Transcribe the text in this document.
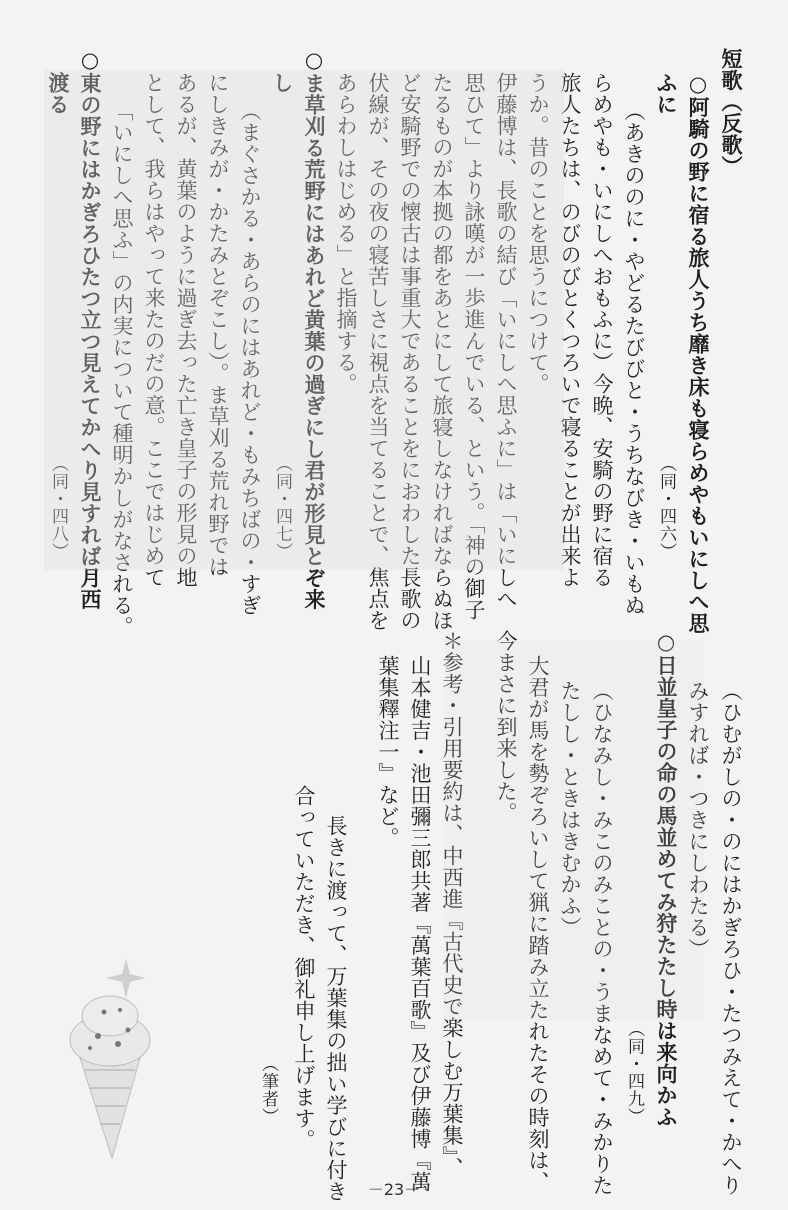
短歌（反歌）
○阿騎の野に宿る旅人うち靡き床も寝らめやもいにしへ思
ふに
（同・四六）
（あきののに・やどるたびびと・うちなびき・いもぬ
らめやも・いにしへおもふに）今晩、安騎の野に宿る
旅人たちは、のびのびとくつろいで寝ることが出来よ
うか。昔のことを思うにつけて。
伊藤博は、長歌の結び「いにしへ思ふに」は「いにしへ
思ひて」より詠嘆が一歩進んでいる、という。「神の御子
たるものが本拠の都をあとにして旅寝しなければならぬほ
ど安騎野での懐古は事重大であることをにおわした長歌の
伏線が、その夜の寝苦しさに視点を当てることで、焦点を
あらわしはじめる」と指摘する。
○ま草刈る荒野にはあれど黄葉の過ぎにし君が形見とぞ来
し
（同・四七）
（まぐさかる・あらのにはあれど・もみちばの・すぎ
にしきみが・かたみとぞこし）。ま草刈る荒れ野では
あるが、黄葉のように過ぎ去った亡き皇子の形見の地
として、我らはやって来たのだの意。ここではじめて
「いにしへ思ふ」の内実について種明かしがなされる。
○東の野にはかぎろひたつ立つ見えてかへり見すれば月西
渡る
（同・四八）
（ひむがしの・のにはかぎろひ・たつみえて・かへり
みすれば・つきにしわたる）
○日並皇子の命の馬並めてみ狩たたし時は来向かふ
（同・四九）
（ひなみし・みこのみことの・うまなめて・みかりた
たしし・ときはきむかふ）
大君が馬を勢ぞろいして猟に踏み立たれたその時刻は、
今まさに到来した。
＊参考・引用要約は、中西進『古代史で楽しむ万葉集』、
山本健吉・池田彌三郎共著『萬葉百歌』及び伊藤博『萬
葉集釋注一』など。
長きに渡って、万葉集の拙い学びに付き
合っていただき、御礼申し上げます。
（筆者）
－23－
